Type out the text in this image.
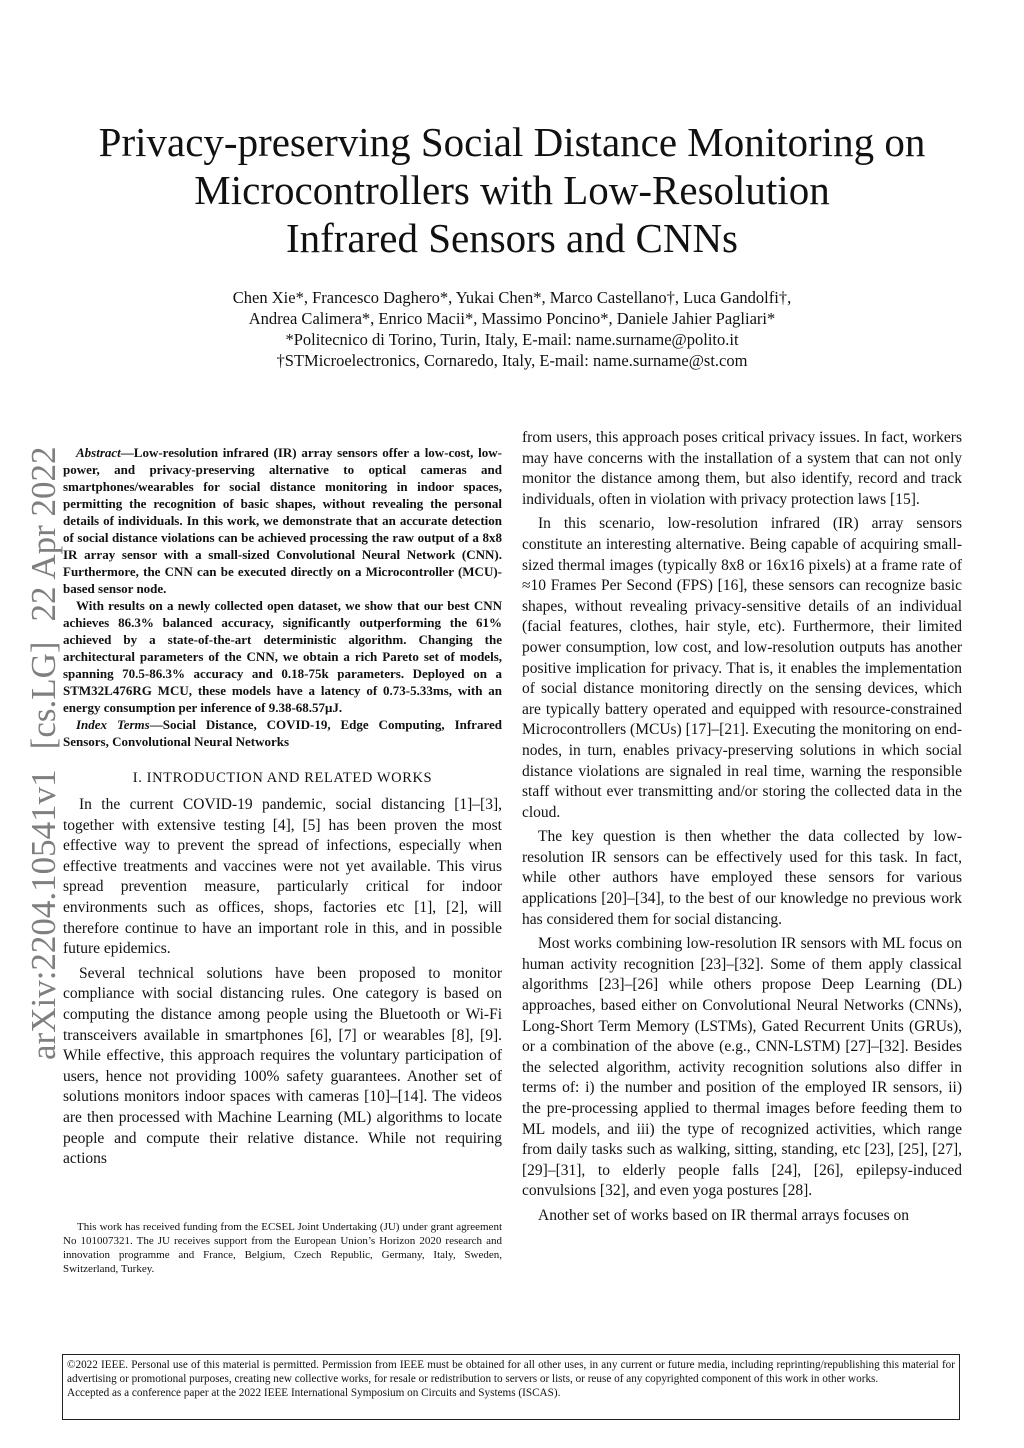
Privacy-preserving Social Distance Monitoring on
Microcontrollers with Low-Resolution
Infrared Sensors and CNNs
Chen Xie*, Francesco Daghero*, Yukai Chen*, Marco Castellano†, Luca Gandolfi†,
Andrea Calimera*, Enrico Macii*, Massimo Poncino*, Daniele Jahier Pagliari*
*Politecnico di Torino, Turin, Italy, E-mail: name.surname@polito.it
†STMicroelectronics, Cornaredo, Italy, E-mail: name.surname@st.com
arXiv:2204.10541v1[cs.LG]22 Apr 2022	Abstract—Low-resolution infrared (IR) array sensors offer a low-cost, low-power, and privacy-preserving alternative to optical cameras and smartphones/wearables for social distance monitoring in indoor spaces, permitting the recognition of basic shapes, without revealing the personal details of individuals. In this work, we demonstrate that an accurate detection of social distance violations can be achieved processing the raw output of a 8x8 IR array sensor with a small-sized Convolutional Neural Network (CNN). Furthermore, the CNN can be executed directly on a Microcontroller (MCU)-based sensor node.

With results on a newly collected open dataset, we show that our best CNN achieves 86.3% balanced accuracy, significantly outperforming the 61% achieved by a state-of-the-art deterministic algorithm. Changing the architectural parameters of the CNN, we obtain a rich Pareto set of models, spanning 70.5-86.3% accuracy and 0.18-75k parameters. Deployed on a STM32L476RG MCU, these models have a latency of 0.73-5.33ms, with an energy consumption per inference of 9.38-68.57μJ.

Index Terms—Social Distance, COVID-19, Edge Computing, Infrared Sensors, Convolutional Neural Networks

I. INTRODUCTION AND RELATED WORKS

In the current COVID-19 pandemic, social distancing [1]–[3], together with extensive testing [4], [5] has been proven the most effective way to prevent the spread of infections, especially when effective treatments and vaccines were not yet available. This virus spread prevention measure, particularly critical for indoor environments such as offices, shops, factories etc [1], [2], will therefore continue to have an important role in this, and in possible future epidemics.

Several technical solutions have been proposed to monitor compliance with social distancing rules. One category is based on computing the distance among people using the Bluetooth or Wi-Fi transceivers available in smartphones [6], [7] or wearables [8], [9]. While effective, this approach requires the voluntary participation of users, hence not providing 100% safety guarantees. Another set of solutions monitors indoor spaces with cameras [10]–[14]. The videos are then processed with Machine Learning (ML) algorithms to locate people and compute their relative distance. While not requiring actions

This work has received funding from the ECSEL Joint Undertaking (JU) under grant agreement No 101007321. The JU receives support from the European Union’s Horizon 2020 research and innovation programme and France, Belgium, Czech Republic, Germany, Italy, Sweden, Switzerland, Turkey.

from users, this approach poses critical privacy issues. In fact, workers may have concerns with the installation of a system that can not only monitor the distance among them, but also identify, record and track individuals, often in violation with privacy protection laws [15].

In this scenario, low-resolution infrared (IR) array sensors constitute an interesting alternative. Being capable of acquiring small-sized thermal images (typically 8x8 or 16x16 pixels) at a frame rate of ≈10 Frames Per Second (FPS) [16], these sensors can recognize basic shapes, without revealing privacy-sensitive details of an individual (facial features, clothes, hair style, etc). Furthermore, their limited power consumption, low cost, and low-resolution outputs has another positive implication for privacy. That is, it enables the implementation of social distance monitoring directly on the sensing devices, which are typically battery operated and equipped with resource-constrained Microcontrollers (MCUs) [17]–[21]. Executing the monitoring on end-nodes, in turn, enables privacy-preserving solutions in which social distance violations are signaled in real time, warning the responsible staff without ever transmitting and/or storing the collected data in the cloud.

The key question is then whether the data collected by low-resolution IR sensors can be effectively used for this task. In fact, while other authors have employed these sensors for various applications [20]–[34], to the best of our knowledge no previous work has considered them for social distancing.

Most works combining low-resolution IR sensors with ML focus on human activity recognition [23]–[32]. Some of them apply classical algorithms [23]–[26] while others propose Deep Learning (DL) approaches, based either on Convolutional Neural Networks (CNNs), Long-Short Term Memory (LSTMs), Gated Recurrent Units (GRUs), or a combination of the above (e.g., CNN-LSTM) [27]–[32]. Besides the selected algorithm, activity recognition solutions also differ in terms of: i) the number and position of the employed IR sensors, ii) the pre-processing applied to thermal images before feeding them to ML models, and iii) the type of recognized activities, which range from daily tasks such as walking, sitting, standing, etc [23], [25], [27], [29]–[31], to elderly people falls [24], [26], epilepsy-induced convulsions [32], and even yoga postures [28].

Another set of works based on IR thermal arrays focuses on

©2022 IEEE. Personal use of this material is permitted. Permission from IEEE must be obtained for all other uses, in any current or future media, including reprinting/republishing this material for advertising or promotional purposes, creating new collective works, for resale or redistribution to servers or lists, or reuse of any copyrighted component of this work in other works.
Accepted as a conference paper at the 2022 IEEE International Symposium on Circuits and Systems (ISCAS).
